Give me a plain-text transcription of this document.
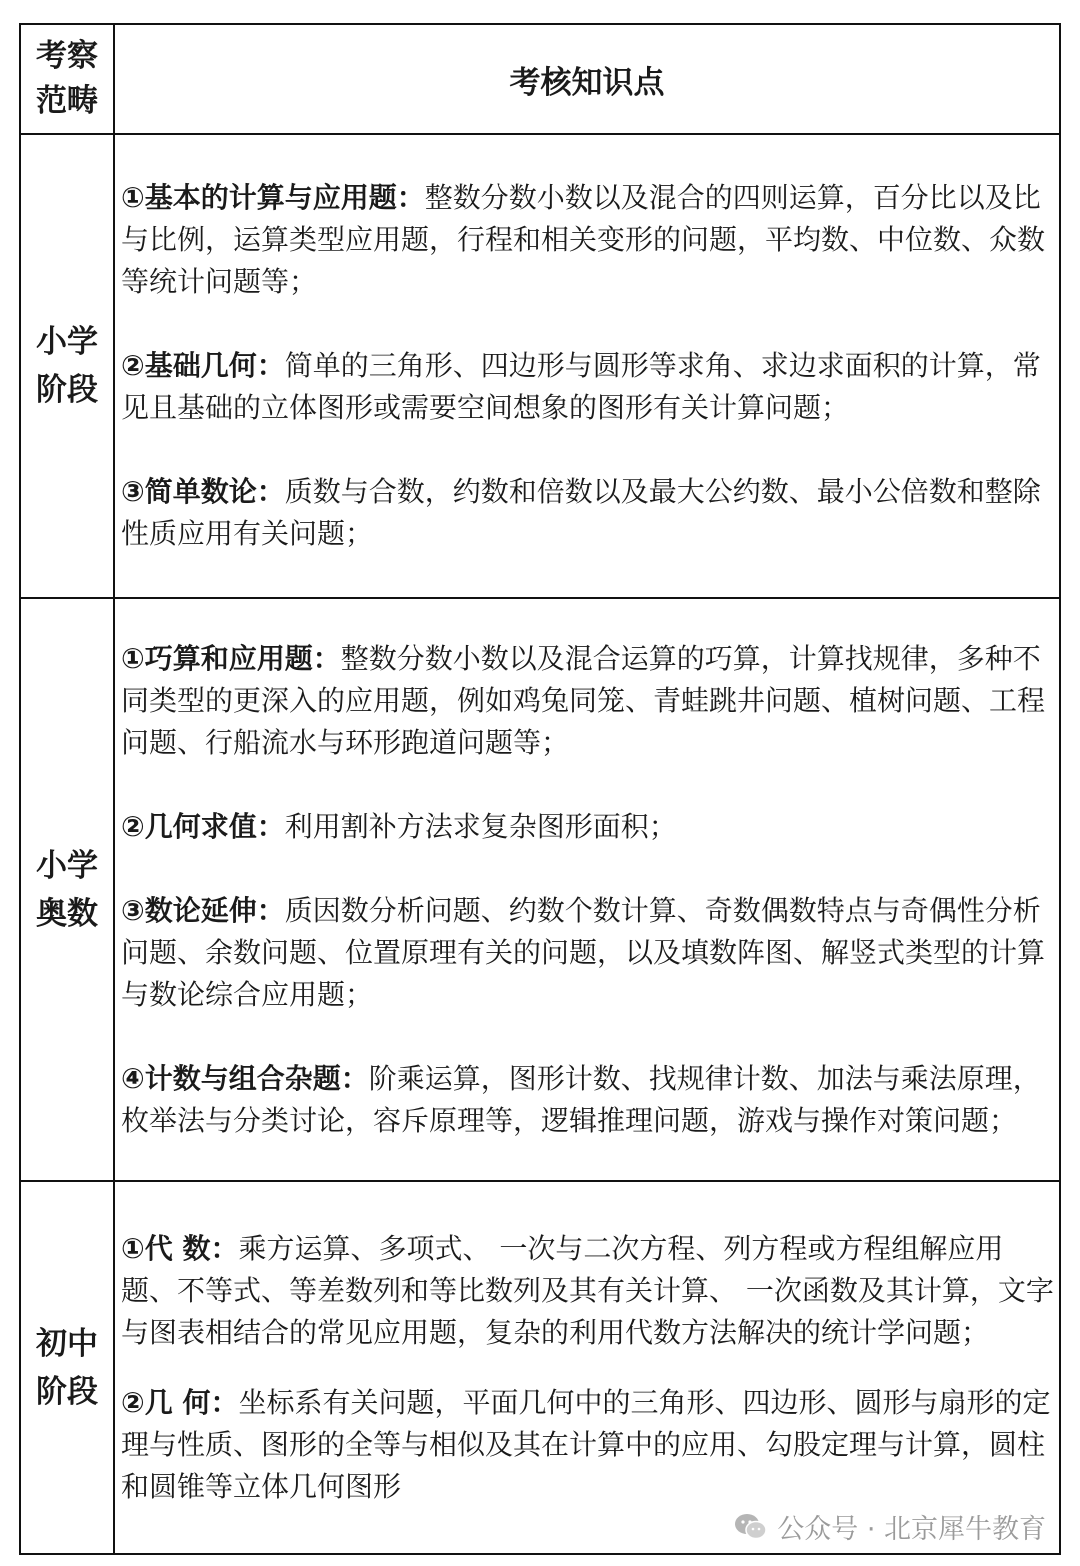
考察范畴	考核知识点
小学阶段	①基本的计算与应用题：整数分数小数以及混合的四则运算，百分比以及比与比例，运算类型应用题，行程和相关变形的问题，平均数、中位数、众数等统计问题等；

②基础几何：简单的三角形、四边形与圆形等求角、求边求面积的计算，常见且基础的立体图形或需要空间想象的图形有关计算问题；

③简单数论：质数与合数，约数和倍数以及最大公约数、最小公倍数和整除性质应用有关问题；

小学奥数	①巧算和应用题：整数分数小数以及混合运算的巧算，计算找规律，多种不同类型的更深入的应用题，例如鸡兔同笼、青蛙跳井问题、植树问题、工程问题、行船流水与环形跑道问题等；

②几何求值：利用割补方法求复杂图形面积；

③数论延伸：质因数分析问题、约数个数计算、奇数偶数特点与奇偶性分析问题、余数问题、位置原理有关的问题，以及填数阵图、解竖式类型的计算与数论综合应用题；

④计数与组合杂题：阶乘运算，图形计数、找规律计数、加法与乘法原理，枚举法与分类讨论，容斥原理等，逻辑推理问题，游戏与操作对策问题；

初中阶段	①代 数：乘方运算、多项式、 一次与二次方程、列方程或方程组解应用题、不等式、等差数列和等比数列及其有关计算、 一次函数及其计算，文字与图表相结合的常见应用题，复杂的利用代数方法解决的统计学问题；

②几 何：坐标系有关问题，平面几何中的三角形、四边形、圆形与扇形的定理与性质、图形的全等与相似及其在计算中的应用、勾股定理与计算，圆柱和圆锥等立体几何图形

公众号 · 北京犀牛教育
